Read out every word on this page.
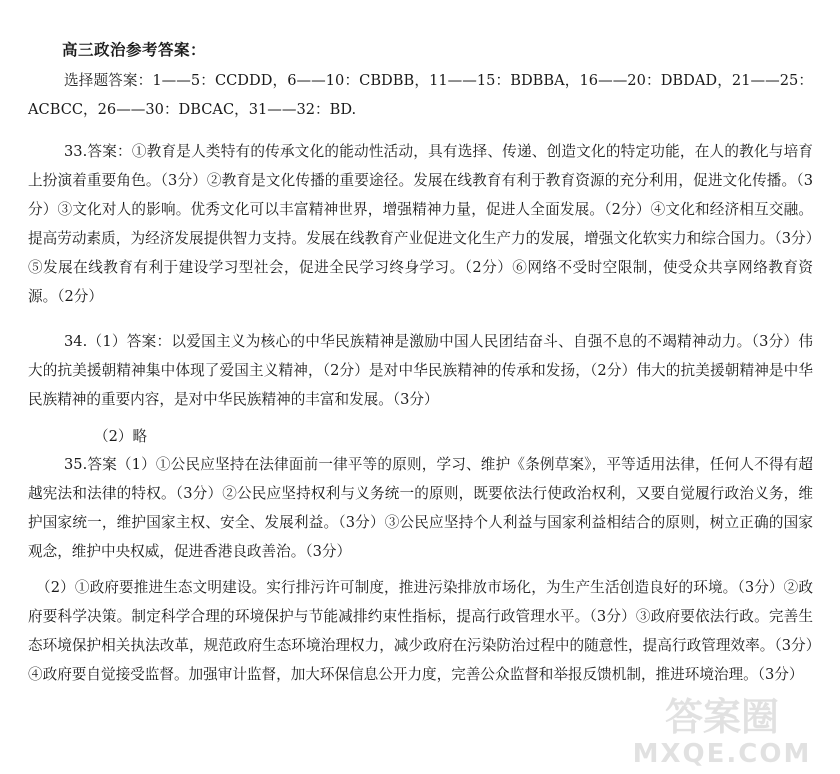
高三政治参考答案：
选择题答案：1——5：CCDDD，6——10：CBDBB，11——15：BDBBA，16——20：DBDAD，21——25：ACBCC，26——30：DBCAC，31——32：BD.
33.答案：①教育是人类特有的传承文化的能动性活动，具有选择、传递、创造文化的特定功能，在人的教化与培育上扮演着重要角色。（3分）②教育是文化传播的重要途径。发展在线教育有利于教育资源的充分利用，促进文化传播。（3分）③文化对人的影响。优秀文化可以丰富精神世界，增强精神力量，促进人全面发展。（2分）④文化和经济相互交融。提高劳动素质，为经济发展提供智力支持。发展在线教育产业促进文化生产力的发展，增强文化软实力和综合国力。（3分）⑤发展在线教育有利于建设学习型社会，促进全民学习终身学习。（2分）⑥网络不受时空限制，使受众共享网络教育资源。（2分）
34.（1）答案：以爱国主义为核心的中华民族精神是激励中国人民团结奋斗、自强不息的不竭精神动力。（3分）伟大的抗美援朝精神集中体现了爱国主义精神，（2分）是对中华民族精神的传承和发扬，（2分）伟大的抗美援朝精神是中华民族精神的重要内容，是对中华民族精神的丰富和发展。（3分）
（2）略
35.答案（1）①公民应坚持在法律面前一律平等的原则，学习、维护《条例草案》，平等适用法律，任何人不得有超越宪法和法律的特权。（3分）②公民应坚持权利与义务统一的原则，既要依法行使政治权利，又要自觉履行政治义务，维护国家统一，维护国家主权、安全、发展利益。（3分）③公民应坚持个人利益与国家利益相结合的原则，树立正确的国家观念，维护中央权威，促进香港良政善治。（3分）
（2）①政府要推进生态文明建设。实行排污许可制度，推进污染排放市场化，为生产生活创造良好的环境。（3分）②政府要科学决策。制定科学合理的环境保护与节能减排约束性指标，提高行政管理水平。（3分）③政府要依法行政。完善生态环境保护相关执法改革，规范政府生态环境治理权力，减少政府在污染防治过程中的随意性，提高行政管理效率。（3分）④政府要自觉接受监督。加强审计监督，加大环保信息公开力度，完善公众监督和举报反馈机制，推进环境治理。（3分）
答案圈
MXQE.COM
